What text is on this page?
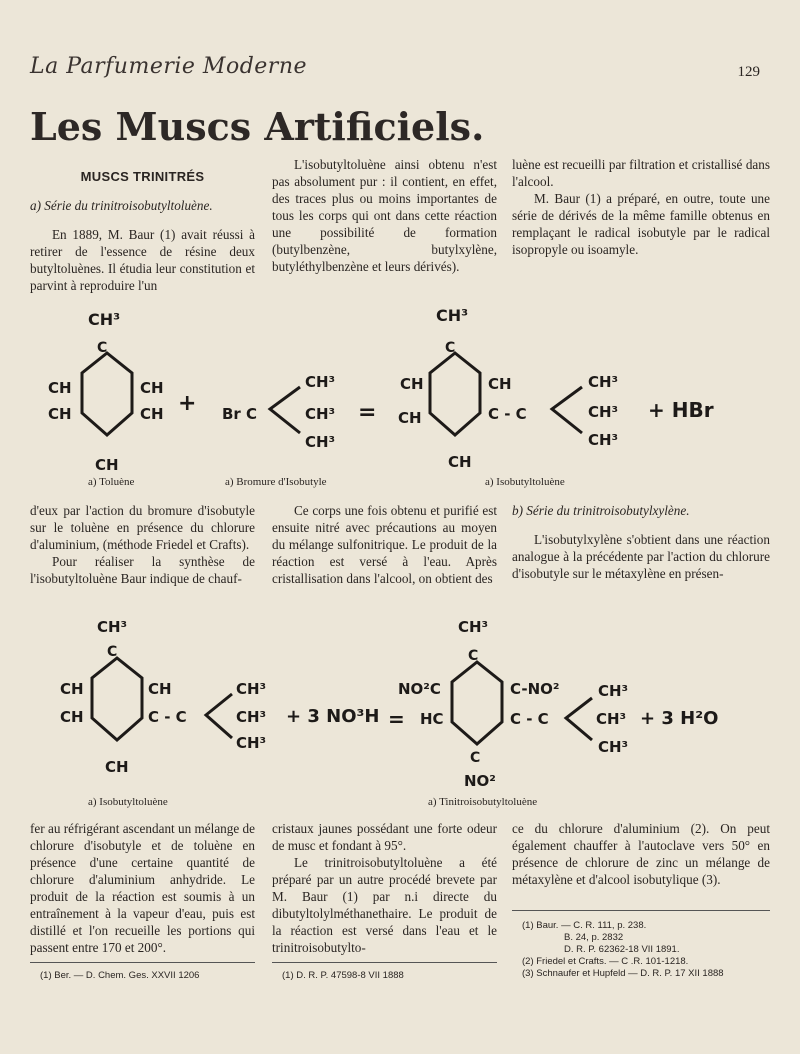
La Parfumerie Moderne	129
Les Muscs Artificiels.
MUSCS TRINITRÉS
a) Série du trinitroisobutyltoluène.

En 1889, M. Baur (1) avait réussi à retirer de l'essence de résine deux butyltoluènes. Il étudia leur constitution et parvint à reproduire l'un

L'isobutyltoluène ainsi obtenu n'est pas absolument pur : il contient, en effet, des traces plus ou moins importantes de tous les corps qui ont dans cette réaction une possibilité de formation (butylbenzène, butylxylène, butyléthylbenzène et leurs dérivés).

luène est recueilli par filtration et cristallisé dans l'alcool.

M. Baur (1) a préparé, en outre, toute une série de dérivés de la même famille obtenus en remplaçant le radical isobutyle par le radical isopropyle ou isoamyle.

CH³
C
CH
CH
CH
CH
CH
+ Br C
CH³
CH³
CH³
=
CH³
C
CH
CH
CH
C - C
CH
CH³
CH³
CH³
+ HBr
a) Toluène	a) Bromure d'Isobutyle	a) Isobutyltoluène

d'eux par l'action du bromure d'isobutyle sur le toluène en présence du chlorure d'aluminium, (méthode Friedel et Crafts).

Pour réaliser la synthèse de l'isobutyltoluène Baur indique de chauf-

Ce corps une fois obtenu et purifié est ensuite nitré avec précautions au moyen du mélange sulfonitrique. Le produit de la réaction est versé à l'eau. Après cristallisation dans l'alcool, on obtient des

b) Série du trinitroisobutylxylène.

L'isobutylxylène s'obtient dans une réaction analogue à la précédente par l'action du chlorure d'isobutyle sur le métaxylène en présen-

CH³
C
CH
CH
CH
C - C
CH
CH³
CH³
CH³
+ 3 NO³H =
CH³
C
NO²C
HC
C-NO²
C - C
C
NO²
CH³
CH³
CH³
+ 3 H²O
a) Isobutyltoluène	a) Tinitroisobutyltoluène

fer au réfrigérant ascendant un mélange de chlorure d'isobutyle et de toluène en présence d'une certaine quantité de chlorure d'aluminium anhydride. Le produit de la réaction est soumis à un entraînement à la vapeur d'eau, puis est distillé et l'on recueille les portions qui passent entre 170 et 200°.

cristaux jaunes possédant une forte odeur de musc et fondant à 95°.

Le trinitroisobutyltoluène a été préparé par un autre procédé brevete par M. Baur (1) par n.i directe du dibutyltolylméthanethaire. Le produit de la réaction est versé dans l'eau et le trinitroisobutylto-

ce du chlorure d'aluminium (2). On peut également chauffer à l'autoclave vers 50° en présence de chlorure de zinc un mélange de métaxylène et d'alcool isobutylique (3).

(1) Ber. — D. Chem. Ges. XXVII 1206	(1) D. R. P. 47598-8 VII 1888
(1) Baur. — C. R. 111, p. 238.
B. 24, p. 2832
D. R. P. 62362-18 VII 1891.
(2) Friedel et Crafts. — C .R. 101-1218.
(3) Schnaufer et Hupfeld — D. R. P. 17 XII 1888
